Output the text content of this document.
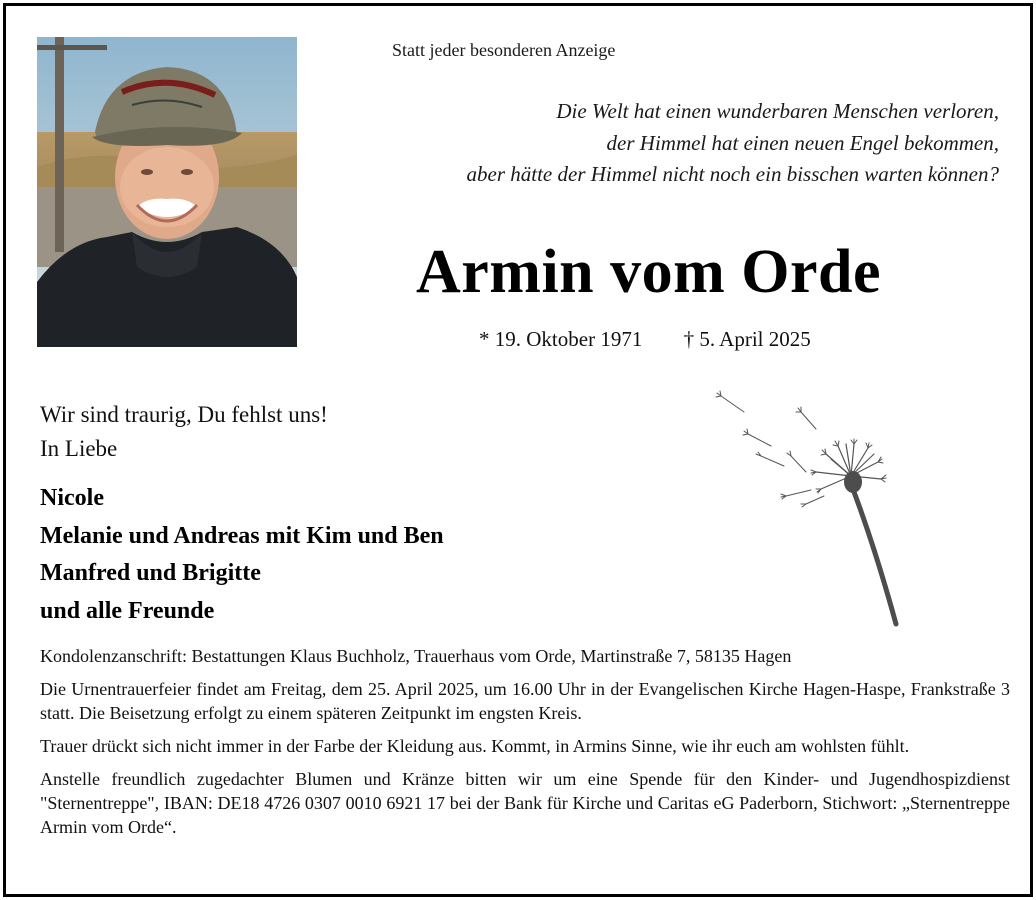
Statt jeder besonderen Anzeige
Die Welt hat einen wunderbaren Menschen verloren,
der Himmel hat einen neuen Engel bekommen,
aber hätte der Himmel nicht noch ein bisschen warten können?
Armin vom Orde
* 19. Oktober 1971 † 5. April 2025
Wir sind traurig, Du fehlst uns!
In Liebe
Nicole
Melanie und Andreas mit Kim und Ben
Manfred und Brigitte
und alle Freunde

Kondolenzanschrift: Bestattungen Klaus Buchholz, Trauerhaus vom Orde, Martinstraße 7, 58135 Hagen

Die Urnentrauerfeier findet am Freitag, dem 25. April 2025, um 16.00 Uhr in der Evangelischen Kirche Hagen-Haspe, Frankstraße 3 statt. Die Beisetzung erfolgt zu einem späteren Zeitpunkt im engsten Kreis.

Trauer drückt sich nicht immer in der Farbe der Kleidung aus. Kommt, in Armins Sinne, wie ihr euch am wohlsten fühlt.

Anstelle freundlich zugedachter Blumen und Kränze bitten wir um eine Spende für den Kinder- und Jugendhospizdienst "Sternentreppe", IBAN: DE18 4726 0307 0010 6921 17 bei der Bank für Kirche und Caritas eG Paderborn, Stichwort: „Sternentreppe Armin vom Orde“.
